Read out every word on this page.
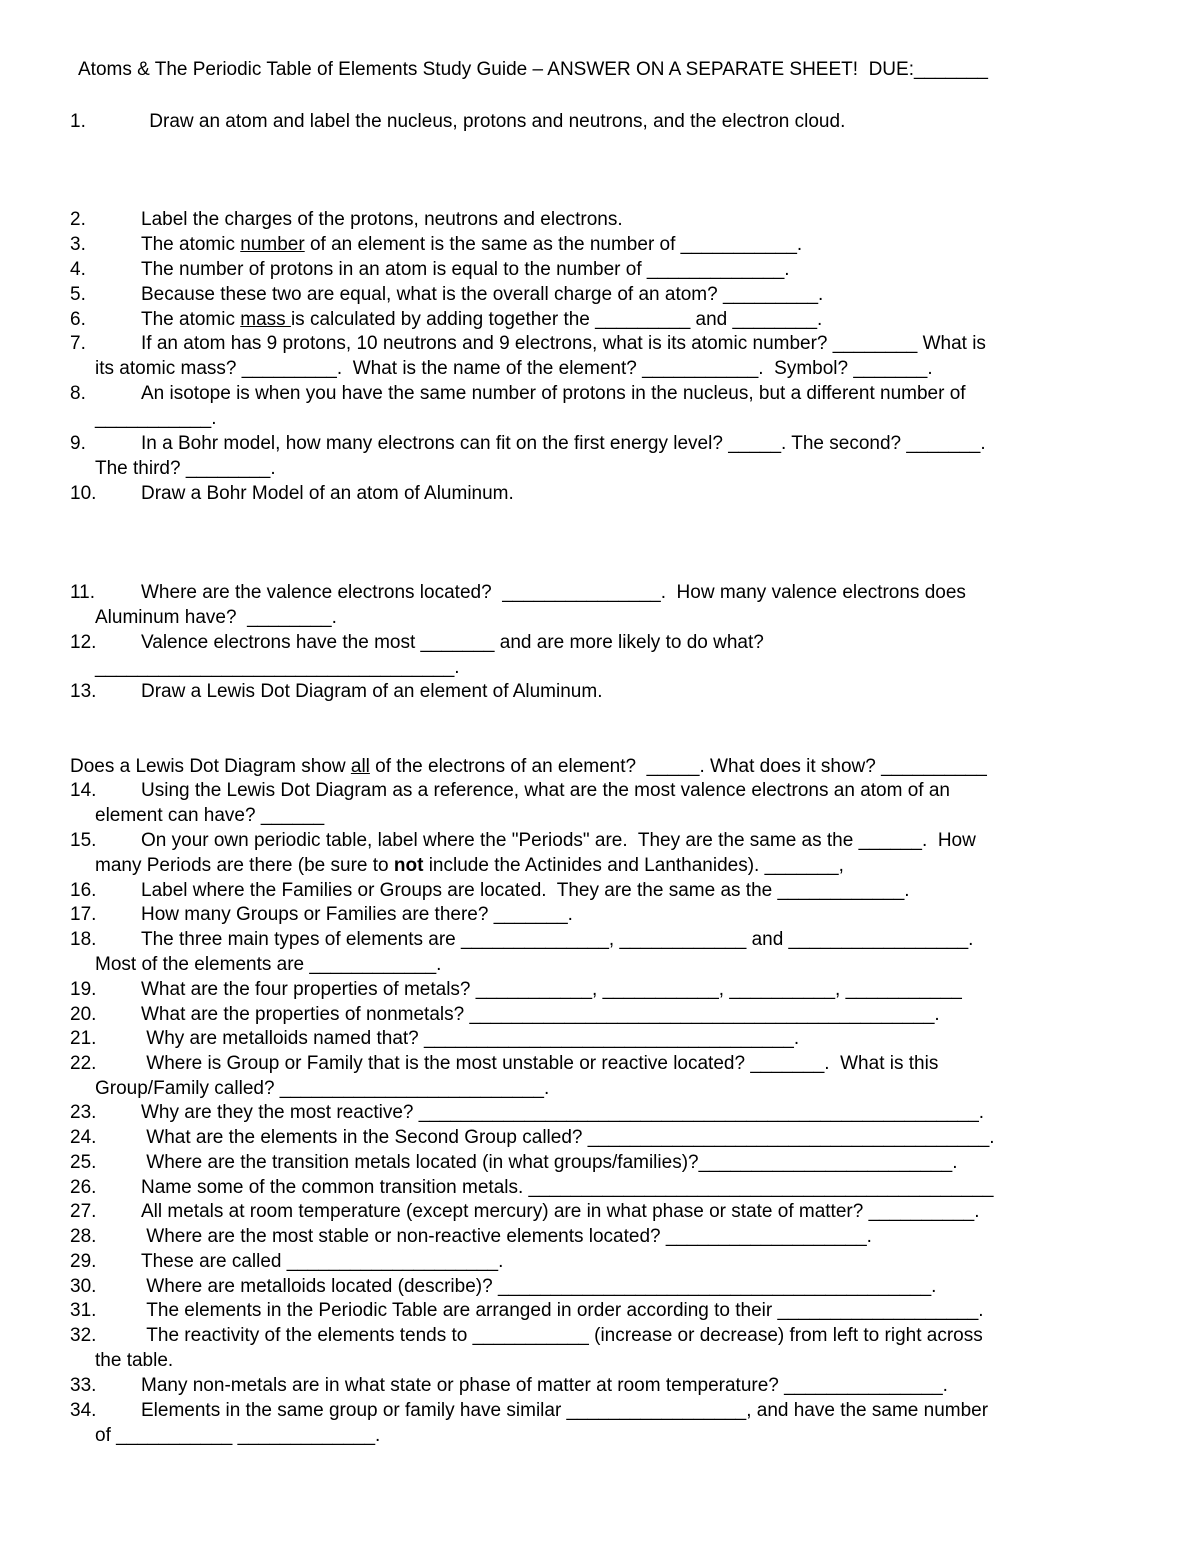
Atoms & The Periodic Table of Elements Study Guide – ANSWER ON A SEPARATE SHEET!  DUE:_______
1.	Draw an atom and label the nucleus, protons and neutrons, and the electron cloud.
2.	Label the charges of the protons, neutrons and electrons.
3.	The atomic number of an element is the same as the number of ___________.
4.	The number of protons in an atom is equal to the number of _____________.
5.	Because these two are equal, what is the overall charge of an atom? _________.
6.	The atomic mass is calculated by adding together the _________ and ________.
7.	If an atom has 9 protons, 10 neutrons and 9 electrons, what is its atomic number? ________ What is
its atomic mass? _________.  What is the name of the element? ___________.  Symbol? _______.
8.	An isotope is when you have the same number of protons in the nucleus, but a different number of
___________.
9.	In a Bohr model, how many electrons can fit on the first energy level? _____. The second? _______.
The third? ________.
10. Draw a Bohr Model of an atom of Aluminum.
11. Where are the valence electrons located?  _______________.  How many valence electrons does
Aluminum have?  ________.
12. Valence electrons have the most _______ and are more likely to do what?
__________________________________.
13. Draw a Lewis Dot Diagram of an element of Aluminum.
Does a Lewis Dot Diagram show all of the electrons of an element?  _____. What does it show? __________
14. Using the Lewis Dot Diagram as a reference, what are the most valence electrons an atom of an
element can have? ______
15. On your own periodic table, label where the "Periods" are.  They are the same as the ______.  How
many Periods are there (be sure to not include the Actinides and Lanthanides). _______,
16. Label where the Families or Groups are located.  They are the same as the ____________.
17. How many Groups or Families are there? _______.
18. The three main types of elements are ______________, ____________ and _________________.
Most of the elements are ____________.
19. What are the four properties of metals? ___________, ___________, __________, ___________
20. What are the properties of nonmetals? ____________________________________________.
21. Why are metalloids named that? ___________________________________.
22. Where is Group or Family that is the most unstable or reactive located? _______.  What is this
Group/Family called? _________________________.
23. Why are they the most reactive? _____________________________________________________.
24. What are the elements in the Second Group called? ______________________________________.
25. Where are the transition metals located (in what groups/families)?________________________.
26. Name some of the common transition metals. ____________________________________________
27. All metals at room temperature (except mercury) are in what phase or state of matter? __________.
28. Where are the most stable or non-reactive elements located? ___________________.
29. These are called ____________________.
30. Where are metalloids located (describe)? _________________________________________.
31. The elements in the Periodic Table are arranged in order according to their ___________________.
32. The reactivity of the elements tends to ___________ (increase or decrease) from left to right across
the table.
33. Many non-metals are in what state or phase of matter at room temperature? _______________.
34. Elements in the same group or family have similar _________________, and have the same number
of ___________ _____________.
